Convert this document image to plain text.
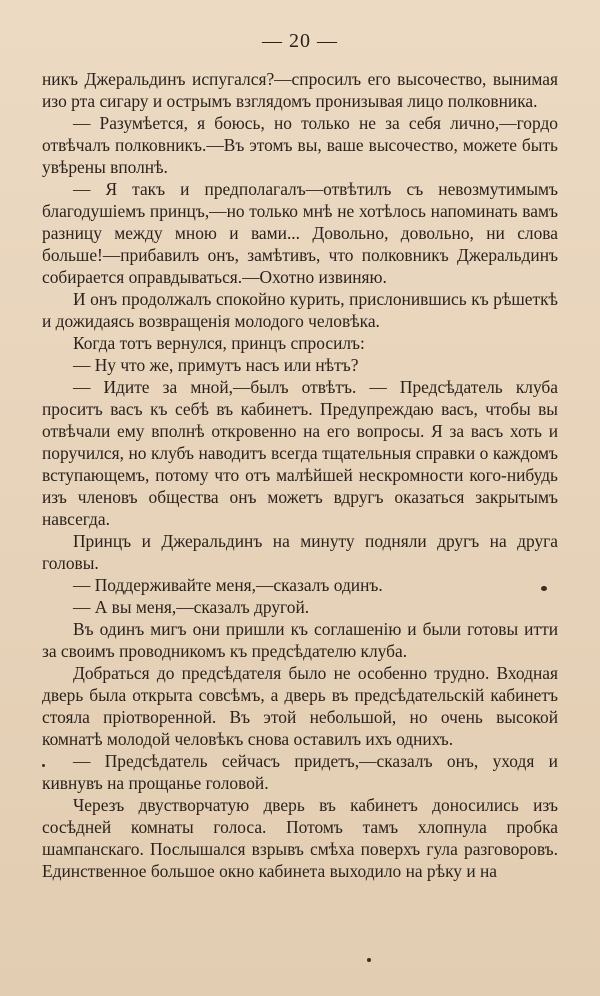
— 20 —

никъ Джеральдинъ испугался?—спросилъ его высочество, вынимая изо рта сигару и острымъ взглядомъ пронизывая лицо полковника.

— Разумѣется, я боюсь, но только не за себя лично,—гордо отвѣчалъ полковникъ.—Въ этомъ вы, ваше высочество, можете быть увѣрены вполнѣ.

— Я такъ и предполагалъ—отвѣтилъ съ невозмутимымъ благодушіемъ принцъ,—но только мнѣ не хотѣлось напоминать вамъ разницу между мною и вами... Довольно, довольно, ни слова больше!—прибавилъ онъ, замѣтивъ, что полковникъ Джеральдинъ собирается оправдываться.—Охотно извиняю.

И онъ продолжалъ спокойно курить, прислонившись къ рѣшеткѣ и дожидаясь возвращенія молодого человѣка.

Когда тотъ вернулся, принцъ спросилъ:

— Ну что же, примутъ насъ или нѣтъ?

— Идите за мной,—былъ отвѣтъ. — Предсѣдатель клуба проситъ васъ къ себѣ въ кабинетъ. Предупреждаю васъ, чтобы вы отвѣчали ему вполнѣ откровенно на его вопросы. Я за васъ хоть и поручился, но клубъ наводитъ всегда тщательныя справки о каждомъ вступающемъ, потому что отъ малѣйшей нескромности кого-нибудь изъ членовъ общества онъ можетъ вдругъ оказаться закрытымъ навсегда.

Принцъ и Джеральдинъ на минуту подняли другъ на друга головы.

— Поддерживайте меня,—сказалъ одинъ.

— А вы меня,—сказалъ другой.

Въ одинъ мигъ они пришли къ соглашенію и были готовы итти за своимъ проводникомъ къ предсѣдателю клуба.

Добраться до предсѣдателя было не особенно трудно. Входная дверь была открыта совсѣмъ, а дверь въ предсѣдательскій кабинетъ стояла пріотворенной. Въ этой небольшой, но очень высокой комнатѣ молодой человѣкъ снова оставилъ ихъ однихъ.

— Предсѣдатель сейчасъ придетъ,—сказалъ онъ, уходя и кивнувъ на прощанье головой.

Черезъ двустворчатую дверь въ кабинетъ доносились изъ сосѣдней комнаты голоса. Потомъ тамъ хлопнула пробка шампанскаго. Послышался взрывъ смѣха поверхъ гула разговоровъ. Единственное большое окно кабинета выходило на рѣку и на
